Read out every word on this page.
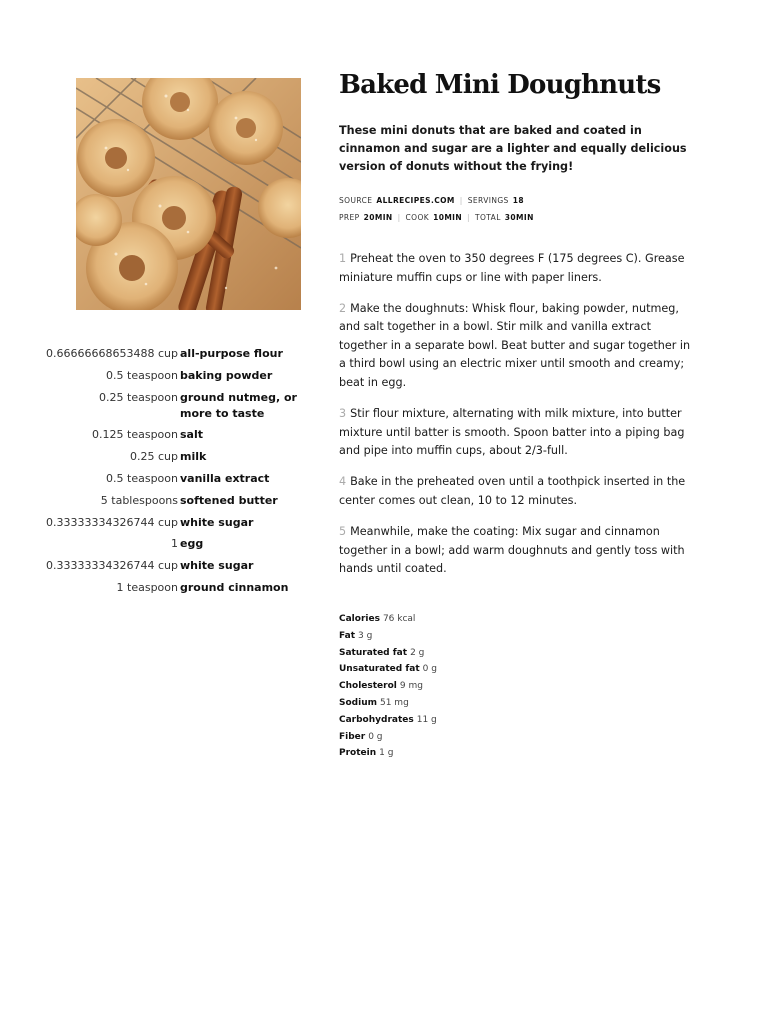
0.66666668653488 cup all-purpose flour
0.5 teaspoon baking powder
0.25 teaspoon ground nutmeg, or more to taste
0.125 teaspoon salt
0.25 cup milk
0.5 teaspoon vanilla extract
5 tablespoons softened butter
0.33333334326744 cup white sugar
1 egg
0.33333334326744 cup white sugar
1 teaspoon ground cinnamon
Baked Mini Doughnuts

These mini donuts that are baked and coated in cinnamon and sugar are a lighter and equally delicious version of donuts without the frying!

SOURCE ALLRECIPES.COM | SERVINGS 18
PREP 20MIN | COOK 10MIN | TOTAL 30MIN

1 Preheat the oven to 350 degrees F (175 degrees C). Grease miniature muffin cups or line with paper liners.

2 Make the doughnuts: Whisk flour, baking powder, nutmeg, and salt together in a bowl. Stir milk and vanilla extract together in a separate bowl. Beat butter and sugar together in a third bowl using an electric mixer until smooth and creamy; beat in egg.

3 Stir flour mixture, alternating with milk mixture, into butter mixture until batter is smooth. Spoon batter into a piping bag and pipe into muffin cups, about 2/3-full.

4 Bake in the preheated oven until a toothpick inserted in the center comes out clean, 10 to 12 minutes.

5 Meanwhile, make the coating: Mix sugar and cinnamon together in a bowl; add warm doughnuts and gently toss with hands until coated.

Calories 76 kcal
Fat 3 g
Saturated fat 2 g
Unsaturated fat 0 g
Cholesterol 9 mg
Sodium 51 mg
Carbohydrates 11 g
Fiber 0 g
Protein 1 g
